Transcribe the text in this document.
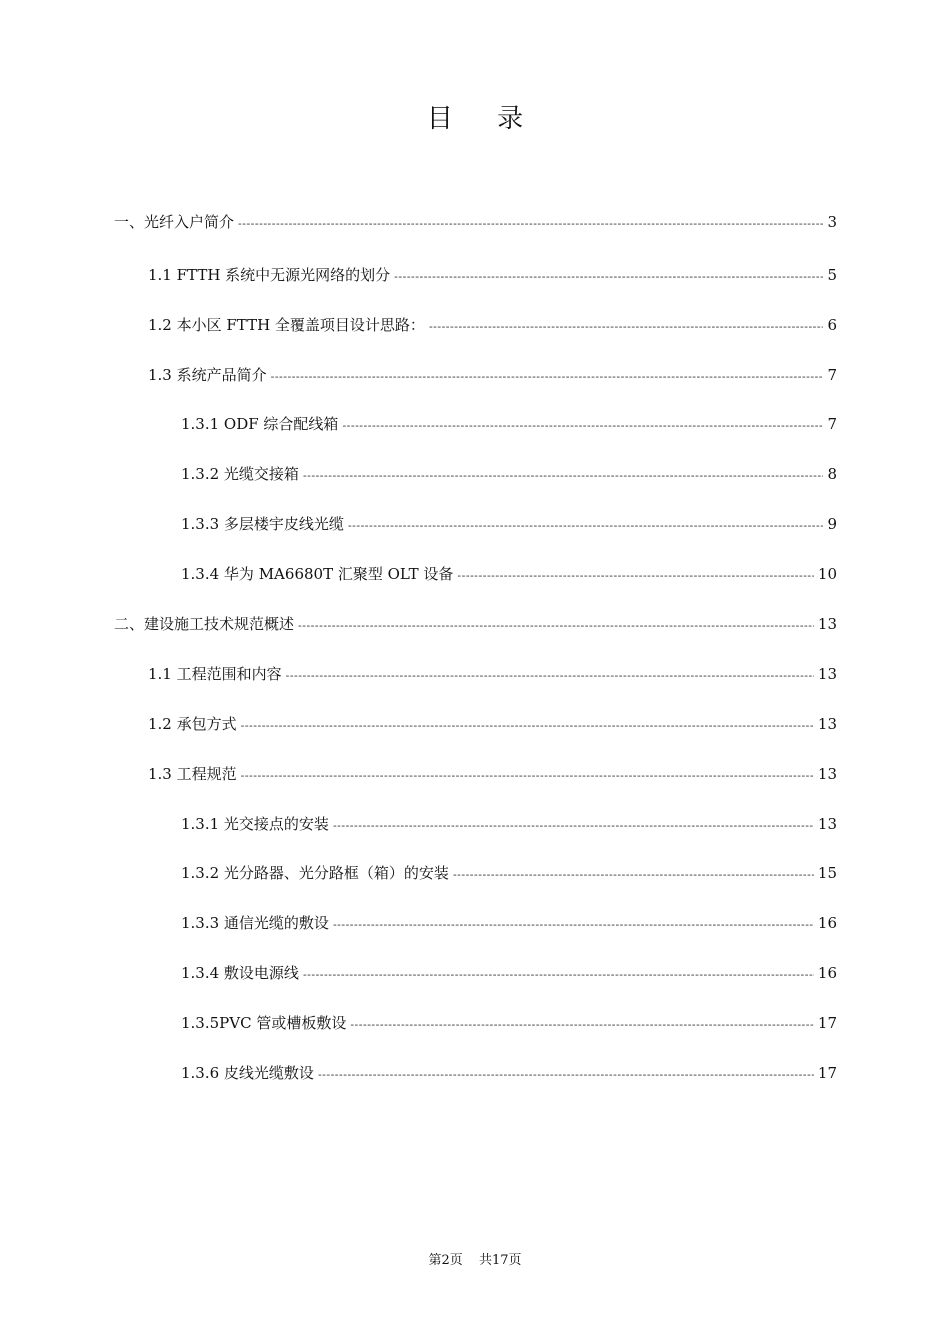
目 录
一、光纤入户简介 -----	3
1.1 FTTH 系统中无源光网络的划分 -----	5
1.2 本小区 FTTH 全覆盖项目设计思路： -----	6
1.3 系统产品简介 -----	7
1.3.1 ODF 综合配线箱 -----	7
1.3.2 光缆交接箱 -----	8
1.3.3 多层楼宇皮线光缆 -----	9
1.3.4 华为 MA6680T 汇聚型 OLT 设备 -----	10
二、建设施工技术规范概述 -----	13
1.1 工程范围和内容 -----	13
1.2 承包方式 -----	13
1.3 工程规范 -----	13
1.3.1 光交接点的安装 -----	13
1.3.2 光分路器、光分路框（箱）的安装 -----	15
1.3.3 通信光缆的敷设 -----	16
1.3.4 敷设电源线 -----	16
1.3.5PVC 管或槽板敷设 -----	17
1.3.6 皮线光缆敷设 -----	17
第2页 共17页
